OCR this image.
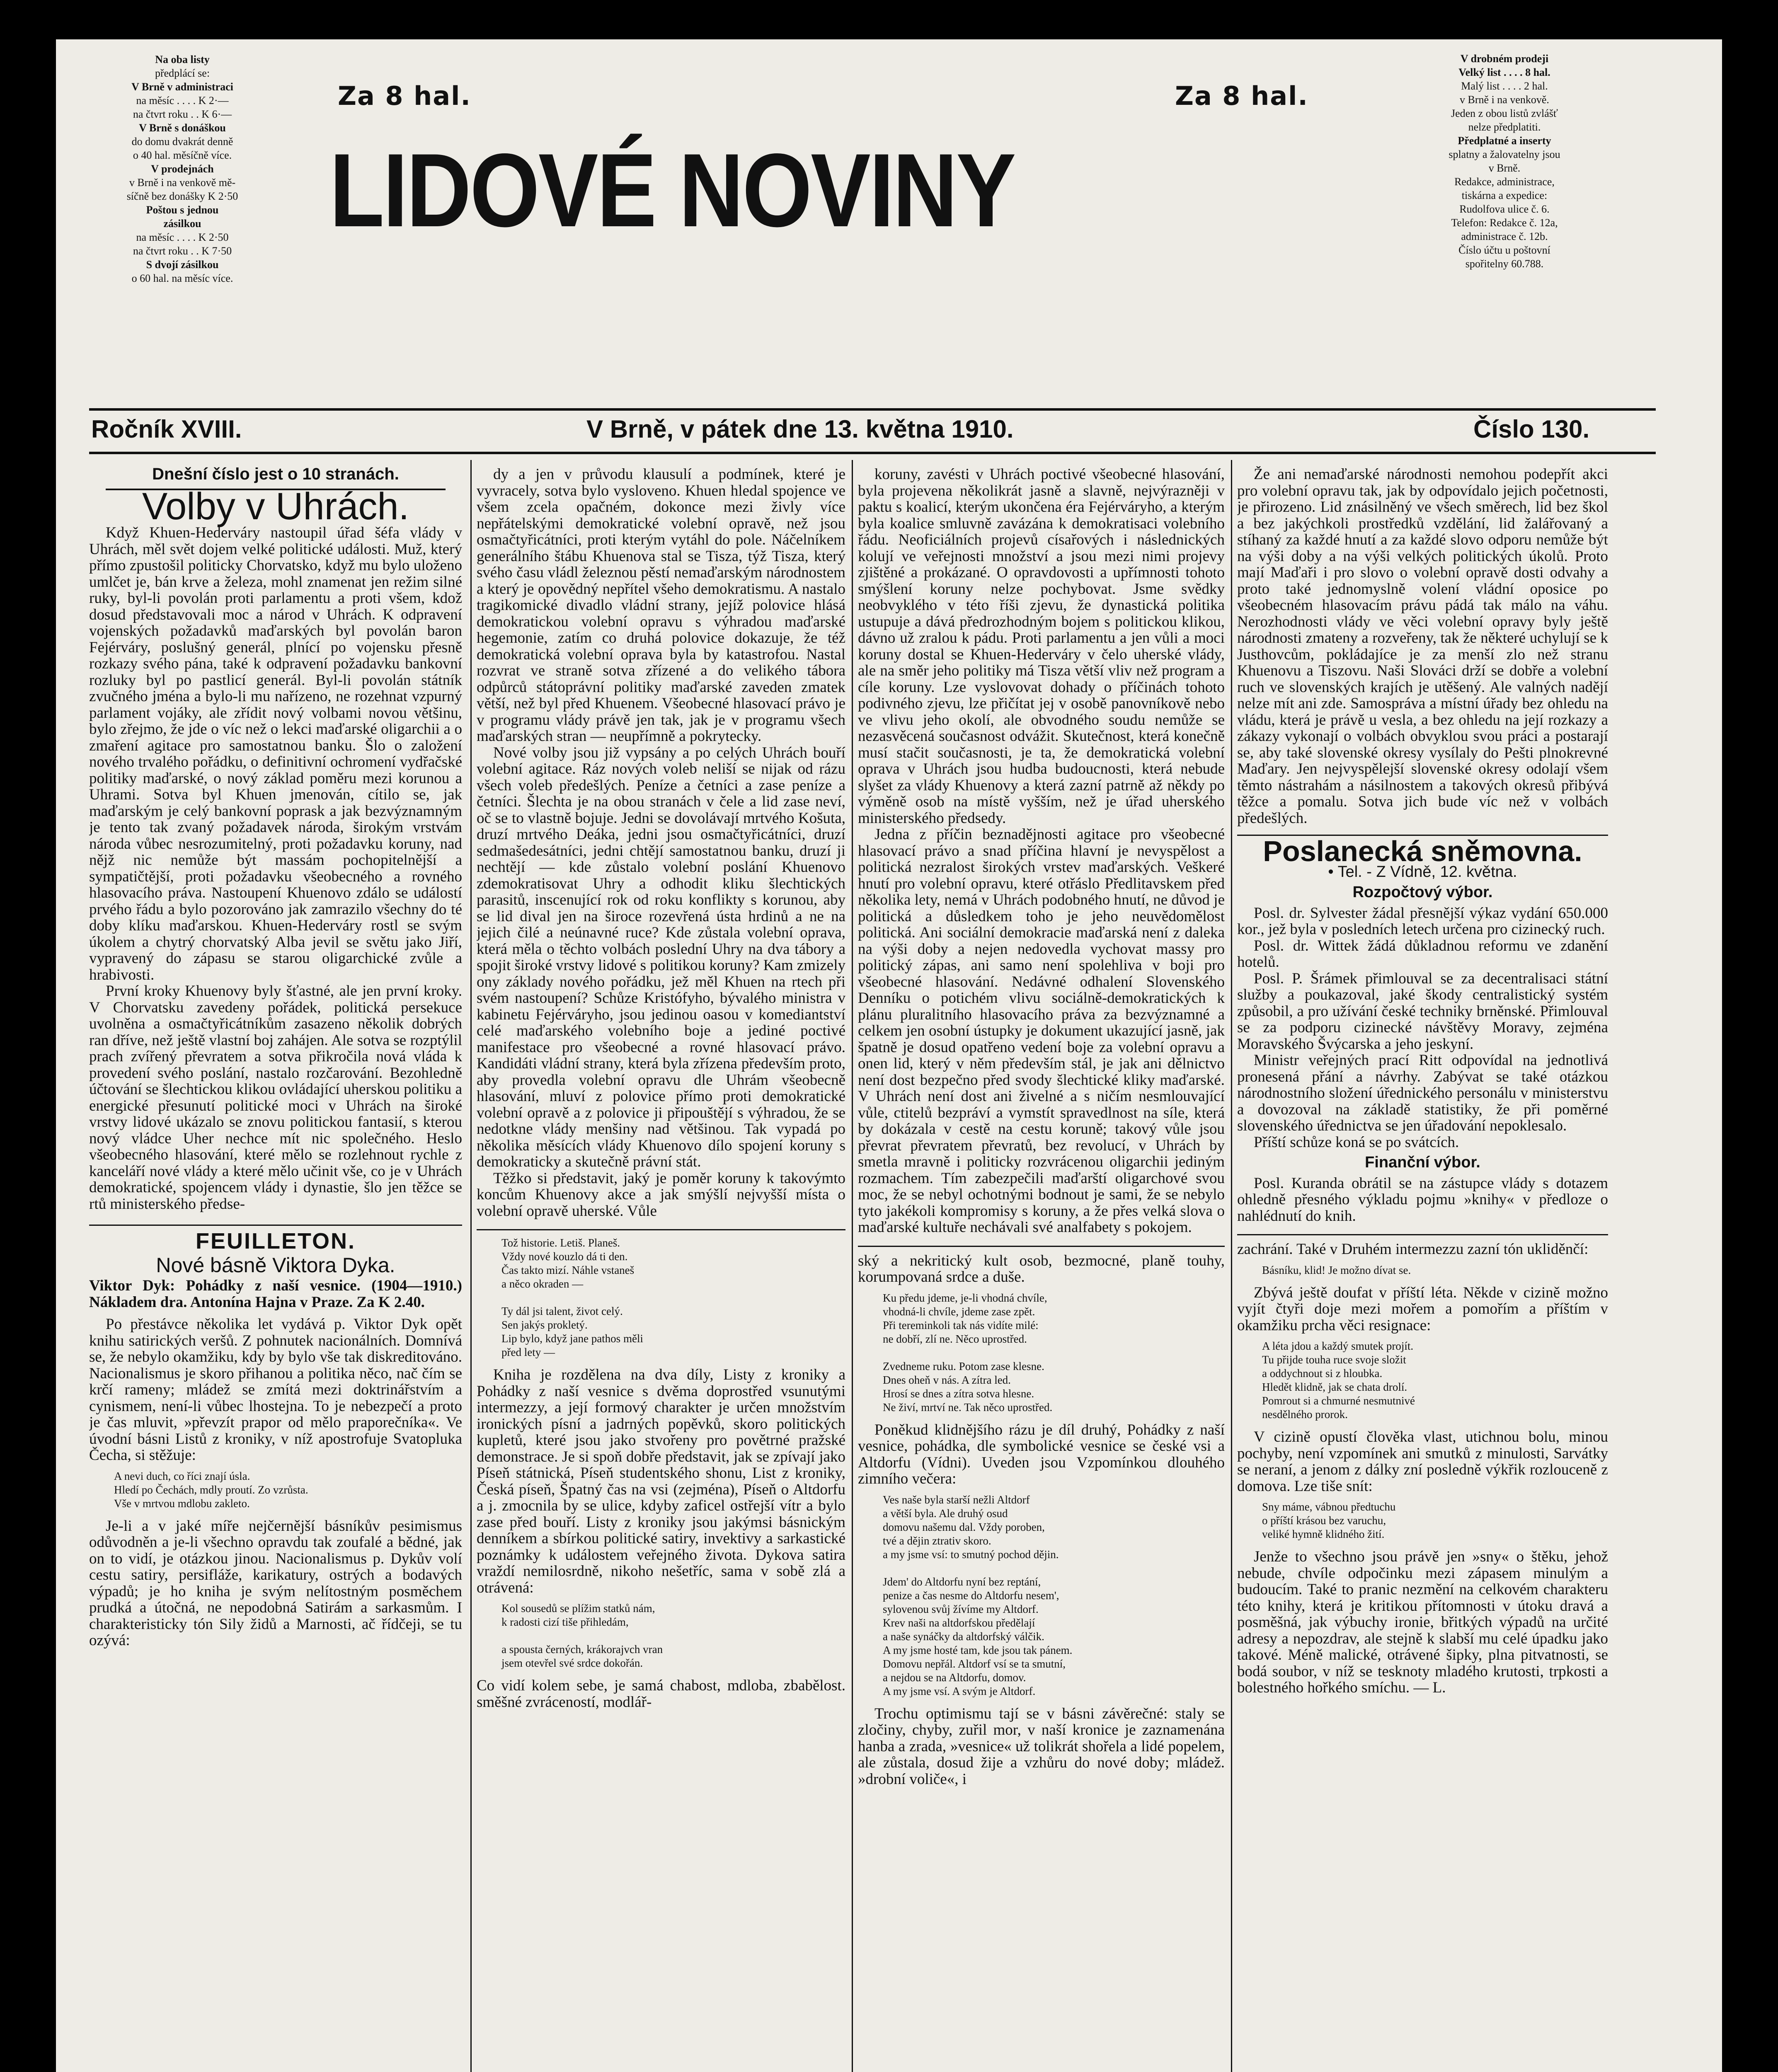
Na oba listy
předplácí se:
V Brně v administraci
na měsíc . . . . K 2·—
na čtvrt roku . . K 6·—
V Brně s donáškou
do domu dvakrát denně
o 40 hal. měsíčně více.
V prodejnách
v Brně i na venkově mě-
síčně bez donášky K 2·50
Poštou s jednou
zásilkou
na měsíc . . . . K 2·50
na čtvrt roku . . K 7·50
S dvojí zásilkou
o 60 hal. na měsíc více.
Za 8 hal.	Za 8 hal.
LIDOVÉ NOVINY
V drobném prodeji
Velký list . . . . 8 hal.
Malý list . . . . 2 hal.
v Brně i na venkově.
Jeden z obou listů zvlášť
nelze předplatiti.
Předplatné a inserty
splatny a žalovatelny jsou
v Brně.
Redakce, administrace,
tiskárna a expedice:
Rudolfova ulice č. 6.
Telefon: Redakce č. 12a,
administrace č. 12b.
Číslo účtu u poštovní
spořitelny 60.788.
Ročník XVIII.	V Brně, v pátek dne 13. května 1910.	Číslo 130.
Dnešní číslo jest o 10 stranách.
Volby v Uhrách.

Když Khuen-Hederváry nastoupil úřad šéfa vlády v Uhrách, měl svět dojem velké politické události. Muž, který přímo zpustošil politicky Chorvatsko, když mu bylo uloženo umlčet je, bán krve a železa, mohl znamenat jen režim silné ruky, byl-li povolán proti parlamentu a proti všem, kdož dosud představovali moc a národ v Uhrách. K odpravení vojenských požadavků maďarských byl povolán baron Fejérváry, poslušný generál, plnící po vojensku přesně rozkazy svého pána, také k odpravení požadavku bankovní rozluky byl po pastlicí generál. Byl-li povolán státník zvučného jména a bylo-li mu nařízeno, ne rozehnat vzpurný parlament vojáky, ale zřídit nový volbami novou většinu, bylo zřejmo, že jde o víc než o lekci maďarské oligarchii a o zmaření agitace pro samostatnou banku. Šlo o založení nového trvalého pořádku, o definitivní ochromení vydřačské politiky maďarské, o nový základ poměru mezi korunou a Uhrami. Sotva byl Khuen jmenován, cítilo se, jak maďarským je celý bankovní poprask a jak bezvýznamným je tento tak zvaný požadavek národa, širokým vrstvám národa vůbec nesrozumitelný, proti požadavku koruny, nad nějž nic nemůže být massám pochopitelnější a sympatičtější, proti požadavku všeobecného a rovného hlasovacího práva. Nastoupení Khuenovo zdálo se událostí prvého řádu a bylo pozorováno jak zamrazilo všechny do té doby klíku maďarskou. Khuen-Hederváry rostl se svým úkolem a chytrý chorvatský Alba jevil se světu jako Jiří, vypravený do zápasu se starou oligarchické zvůle a hrabivosti.

První kroky Khuenovy byly šťastné, ale jen první kroky. V Chorvatsku zavedeny pořádek, politická persekuce uvolněna a osmačtyřicátníkům zasazeno několik dobrých ran dříve, než ještě vlastní boj zahájen. Ale sotva se rozptýlil prach zvířený převratem a sotva přikročila nová vláda k provedení svého poslání, nastalo rozčarování. Bezohledně účtování se šlechtickou klikou ovládající uherskou politiku a energické přesunutí politické moci v Uhrách na široké vrstvy lidové ukázalo se znovu politickou fantasií, s kterou nový vládce Uher nechce mít nic společného. Heslo všeobecného hlasování, které mělo se rozlehnout rychle z kanceláří nové vlády a které mělo učinit vše, co je v Uhrách demokratické, spojencem vlády i dynastie, šlo jen těžce se rtů ministerského předse-

FEUILLETON.
Nové básně Viktora Dyka.

Viktor Dyk: Pohádky z naší vesnice. (1904—1910.) Nákladem dra. Antonína Hajna v Praze. Za K 2.40.

Po přestávce několika let vydává p. Viktor Dyk opět knihu satirických veršů. Z pohnutek nacionálních. Domnívá se, že nebylo okamžiku, kdy by bylo vše tak diskreditováno. Nacionalismus je skoro přihanou a politika něco, nač čím se krčí rameny; mládež se zmítá mezi doktrinářstvím a cynismem, není-li vůbec lhostejna. To je nebezpečí a proto je čas mluvit, »převzít prapor od mělo praporečníka«. Ve úvodní básni Listů z kroniky, v níž apostrofuje Svatopluka Čecha, si stěžuje:

A nevi duch, co říci znají úsla.
Hledí po Čechách, mdly proutí. Zo vzrůsta.
Vše v mrtvou mdlobu zakleto.

Je-li a v jaké míře nejčernější básníkův pesimismus odůvodněn a je-li všechno opravdu tak zoufalé a bědné, jak on to vidí, je otázkou jinou. Nacionalismus p. Dykův volí cestu satiry, persifláže, karikatury, ostrých a bodavých výpadů; je ho kniha je svým nelítostným posměchem prudká a útočná, ne nepodobná Satirám a sarkasmům. I charakteristicky tón Sily židů a Marnosti, ač řídčeji, se tu ozývá:

dy a jen v průvodu klausulí a podmínek, které je vyvracely, sotva bylo vysloveno. Khuen hledal spojence ve všem zcela opačném, dokonce mezi živly více nepřátelskými demokratické volební opravě, než jsou osmačtyřicátníci, proti kterým vytáhl do pole. Náčelníkem generálního štábu Khuenova stal se Tisza, týž Tisza, který svého času vládl železnou pěstí nemaďarským národnostem a který je opovědný nepřítel všeho demokratismu. A nastalo tragikomické divadlo vládní strany, jejíž polovice hlásá demokratickou volební opravu s výhradou maďarské hegemonie, zatím co druhá polovice dokazuje, že též demokratická volební oprava byla by katastrofou. Nastal rozvrat ve straně sotva zřízené a do velikého tábora odpůrců státoprávní politiky maďarské zaveden zmatek větší, než byl před Khuenem. Všeobecné hlasovací právo je v programu vlády právě jen tak, jak je v programu všech maďarských stran — neupřímně a pokrytecky.

Nové volby jsou již vypsány a po celých Uhrách bouří volební agitace. Ráz nových voleb neliší se nijak od rázu všech voleb předešlých. Peníze a četníci a zase peníze a četníci. Šlechta je na obou stranách v čele a lid zase neví, oč se to vlastně bojuje. Jedni se dovolávají mrtvého Košuta, druzí mrtvého Deáka, jedni jsou osmačtyřicátníci, druzí sedmašedesátníci, jedni chtějí samostatnou banku, druzí ji nechtějí — kde zůstalo volební poslání Khuenovo zdemokratisovat Uhry a odhodit kliku šlechtických parasitů, inscenující rok od roku konflikty s korunou, aby se lid dival jen na široce rozevřená ústa hrdinů a ne na jejich čilé a neúnavné ruce? Kde zůstala volební oprava, která měla o těchto volbách poslední Uhry na dva tábory a spojit široké vrstvy lidové s politikou koruny? Kam zmizely ony základy nového pořádku, jež měl Khuen na rtech při svém nastoupení? Schůze Kristófyho, bývalého ministra v kabinetu Fejérváryho, jsou jedinou oasou v komediantství celé maďarského volebního boje a jediné poctivé manifestace pro všeobecné a rovné hlasovací právo. Kandidáti vládní strany, která byla zřízena především proto, aby provedla volební opravu dle Uhrám všeobecně hlasování, mluví z polovice přímo proti demokratické volební opravě a z polovice ji připouštějí s výhradou, že se nedotkne vlády menšiny nad většinou. Tak vypadá po několika měsících vlády Khuenovo dílo spojení koruny s demokraticky a skutečně právní stát.

Těžko si představit, jaký je poměr koruny k takovýmto koncům Khuenovy akce a jak smýšlí nejvyšší místa o volební opravě uherské. Vůle

Tož historie. Letiš. Planeš.
Vždy nové kouzlo dá ti den.
Čas takto mizí. Náhle vstaneš
a něco okraden —

Ty dál jsi talent, život celý.
Sen jakýs prokletý.
Lip bylo, když jane pathos měli
před lety —

Kniha je rozdělena na dva díly, Listy z kroniky a Pohádky z naší vesnice s dvěma doprostřed vsunutými intermezzy, a její formový charakter je určen množstvím ironických písní a jadrných popěvků, skoro politických kupletů, které jsou jako stvořeny pro povětrné pražské demonstrace. Je si spoň dobře představit, jak se zpívají jako Píseň státnická, Píseň studentského shonu, List z kroniky, Česká píseň, Špatný čas na vsi (zejména), Píseň o Altdorfu a j. zmocnila by se ulice, kdyby zaficel ostřejší vítr a bylo zase před bouří. Listy z kroniky jsou jakýmsi básnickým denníkem a sbírkou politické satiry, invektivy a sarkastické poznámky k událostem veřejného života. Dykova satira vraždí nemilosrdně, nikoho nešetříc, sama v sobě zlá a otrávená:

Kol sousedů se plížim statků nám,
k radosti cizí tiše přihledám,

a spousta černých, krákorajvch vran
jsem otevřel své srdce dokořán.

Co vidí kolem sebe, je samá chabost, mdloba, zbabělost. směšné zvráceností, modlář-

koruny, zavésti v Uhrách poctivé všeobecné hlasování, byla projevena několikrát jasně a slavně, nejvýrazněji v paktu s koalicí, kterým ukončena éra Fejérváryho, a kterým byla koalice smluvně zavázána k demokratisaci volebního řádu. Neoficiálních projevů císařových i následnických kolují ve veřejnosti množství a jsou mezi nimi projevy zjištěné a prokázané. O opravdovosti a upřímnosti tohoto smýšlení koruny nelze pochybovat. Jsme svědky neobvyklého v této říši zjevu, že dynastická politika ustupuje a dává předrozhodným bojem s politickou klikou, dávno už zralou k pádu. Proti parlamentu a jen vůli a moci koruny dostal se Khuen-Hederváry v čelo uherské vlády, ale na směr jeho politiky má Tisza větší vliv než program a cíle koruny. Lze vyslovovat dohady o příčinách tohoto podivného zjevu, lze přičítat jej v osobě panovníkově nebo ve vlivu jeho okolí, ale obvodného soudu nemůže se nezasvěcená současnost odvážit. Skutečnost, která konečně musí stačit současnosti, je ta, že demokratická volební oprava v Uhrách jsou hudba budoucnosti, která nebude slyšet za vlády Khuenovy a která zazní patrně až někdy po výměně osob na místě vyšším, než je úřad uherského ministerského předsedy.

Jedna z příčin beznadějnosti agitace pro všeobecné hlasovací právo a snad příčina hlavní je nevyspělost a politická nezralost širokých vrstev maďarských. Veškeré hnutí pro volební opravu, které otřáslo Předlitavskem před několika lety, nemá v Uhrách podobného hnutí, ne důvod je politická a důsledkem toho je jeho neuvědomělost politická. Ani sociální demokracie maďarská není z daleka na výši doby a nejen nedovedla vychovat massy pro politický zápas, ani samo není spolehliva v boji pro všeobecné hlasování. Nedávné odhalení Slovenského Denníku o potichém vlivu sociálně-demokratických k plánu pluralitního hlasovacího práva za bezvýznamné a celkem jen osobní ústupky je dokument ukazující jasně, jak špatně je dosud opatřeno vedení boje za volební opravu a onen lid, který v něm především stál, je jak ani dělnictvo není dost bezpečno před svody šlechtické kliky maďarské. V Uhrách není dost ani živelné a s ničím nesmlouvající vůle, ctitelů bezpráví a vymstít spravedlnost na síle, která by dokázala v cestě na cestu koruně; takový vůle jsou převrat převratem převratů, bez revolucí, v Uhrách by smetla mravně i politicky rozvrácenou oligarchii jediným rozmachem. Tím zabezpečili maďarští oligarchové svou moc, že se nebyl ochotnými bodnout je sami, že se nebylo tyto jakékoli kompromisy s koruny, a že přes velká slova o maďarské kultuře nechávali své analfabety s pokojem.

ský a nekritický kult osob, bezmocné, planě touhy, korumpovaná srdce a duše.

Ku předu jdeme, je-li vhodná chvíle,
vhodná-li chvíle, jdeme zase zpět.
Při tereminkoli tak nás vidíte milé:
ne dobří, zlí ne. Něco uprostřed.

Zvedneme ruku. Potom zase klesne.
Dnes oheň v nás. A zítra led.
Hrosí se dnes a zítra sotva hlesne.
Ne živí, mrtví ne. Tak něco uprostřed.

Poněkud klidnějšího rázu je díl druhý, Pohádky z naší vesnice, pohádka, dle symbolické vesnice se české vsi a Altdorfu (Vídni). Uveden jsou Vzpomínkou dlouhého zimního večera:

Ves naše byla starší nežli Altdorf
a větší byla. Ale druhý osud
domovu našemu dal. Vždy poroben,
tvé a dějin ztrativ skoro.
a my jsme vsí: to smutný pochod dějin.

Jdem' do Altdorfu nyní bez reptání,
penize a čas nesme do Altdorfu nesem',
sylovenou svůj žívíme my Altdorf.
Krev naši na altdorfskou předělají
a naše synáčky da altdorfský válčik.
A my jsme hosté tam, kde jsou tak pánem.
Domovu nepřál. Altdorf vsí se ta smutní,
a nejdou se na Altdorfu, domov.
A my jsme vsí. A svým je Altdorf.

Trochu optimismu tají se v básni závěrečné: staly se zločiny, chyby, zuřil mor, v naší kronice je zaznamenána hanba a zrada, »vesnice« už tolikrát shořela a lidé popelem, ale zůstala, dosud žije a vzhůru do nové doby; mládež. »drobní voliče«, i

Že ani nemaďarské národnosti nemohou podepřít akci pro volební opravu tak, jak by odpovídalo jejich početnosti, je přirozeno. Lid znásilněný ve všech směrech, lid bez škol a bez jakýchkoli prostředků vzdělání, lid žalářovaný a stíhaný za každé hnutí a za každé slovo odporu nemůže být na výši doby a na výši velkých politických úkolů. Proto mají Maďaři i pro slovo o volební opravě dosti odvahy a proto také jednomyslně volení vládní oposice po všeobecném hlasovacím právu pádá tak málo na váhu. Nerozhodnosti vlády ve věci volební opravy byly ještě národnosti zmateny a rozveřeny, tak že některé uchylují se k Justhovcům, pokládajíce je za menší zlo než stranu Khuenovu a Tiszovu. Naši Slováci drží se dobře a volební ruch ve slovenských krajích je utěšený. Ale valných nadějí nelze mít ani zde. Samospráva a místní úřady bez ohledu na vládu, která je právě u vesla, a bez ohledu na její rozkazy a zákazy vykonají o volbách obvyklou svou práci a postarají se, aby také slovenské okresy vysílaly do Pešti plnokrevné Maďary. Jen nejvyspělejší slovenské okresy odolají všem těmto nástrahám a násilnostem a takových okresů přibývá těžce a pomalu. Sotva jich bude víc než v volbách předešlých.

Poslanecká sněmovna.
• Tel. - Z Vídně, 12. května.
Rozpočtový výbor.

Posl. dr. Sylvester žádal přesnější výkaz vydání 650.000 kor., jež byla v posledních letech určena pro cizinecký ruch.

Posl. dr. Wittek žádá důkladnou reformu ve zdanění hotelů.

Posl. P. Šrámek přimlouval se za decentralisaci státní služby a poukazoval, jaké škody centralistický systém způsobil, a pro užívání české techniky brněnské. Přimlouval se za podporu cizinecké návštěvy Moravy, zejména Moravského Švýcarska a jeho jeskyní.

Ministr veřejných prací Ritt odpovídal na jednotlivá pronesená přání a návrhy. Zabývat se také otázkou národnostního složení úřednického personálu v ministerstvu a dovozoval na základě statistiky, že při poměrné slovenského úřednictva se jen úřadování nepoklesalo.

Příští schůze koná se po svátcích.

Finanční výbor.

Posl. Kuranda obrátil se na zástupce vlády s dotazem ohledně přesného výkladu pojmu »knihy« v předloze o nahlédnutí do knih.

zachrání. Také v Druhém intermezzu zazní tón ukliděnčí:

Básníku, klid! Je možno dívat se.

Zbývá ještě doufat v příští léta. Někde v cizině možno vyjít čtyři doje mezi mořem a pomořím a příštím v okamžiku prcha věci resignace:

A léta jdou a každý smutek projít.
Tu přijde touha ruce svoje složit
a oddychnout si z hloubka.
Hledět klidně, jak se chata drolí.
Pomrout si a chmurné nesmutnivé
nesdělného prorok.

V cizině opustí člověka vlast, utichnou bolu, minou pochyby, není vzpomínek ani smutků z minulosti, Sarvátky se neraní, a jenom z dálky zní posledně výkřik rozlouceně z domova. Lze tiše snít:

Sny máme, vábnou předtuchu
o příští krásou bez varuchu,
veliké hymně klidného žití.

Jenže to všechno jsou právě jen »sny« o štěku, jehož nebude, chvíle odpočinku mezi zápasem minulým a budoucím. Také to pranic nezmění na celkovém charakteru této knihy, která je kritikou přítomnosti v útoku dravá a posměšná, jak výbuchy ironie, břitkých výpadů na určité adresy a nepozdrav, ale stejně k slabší mu celé úpadku jako takové. Méně malické, otrávené šipky, plna pitvatnosti, se bodá soubor, v níž se tesknoty mladého krutosti, trpkosti a bolestného hořkého smíchu. — L.
